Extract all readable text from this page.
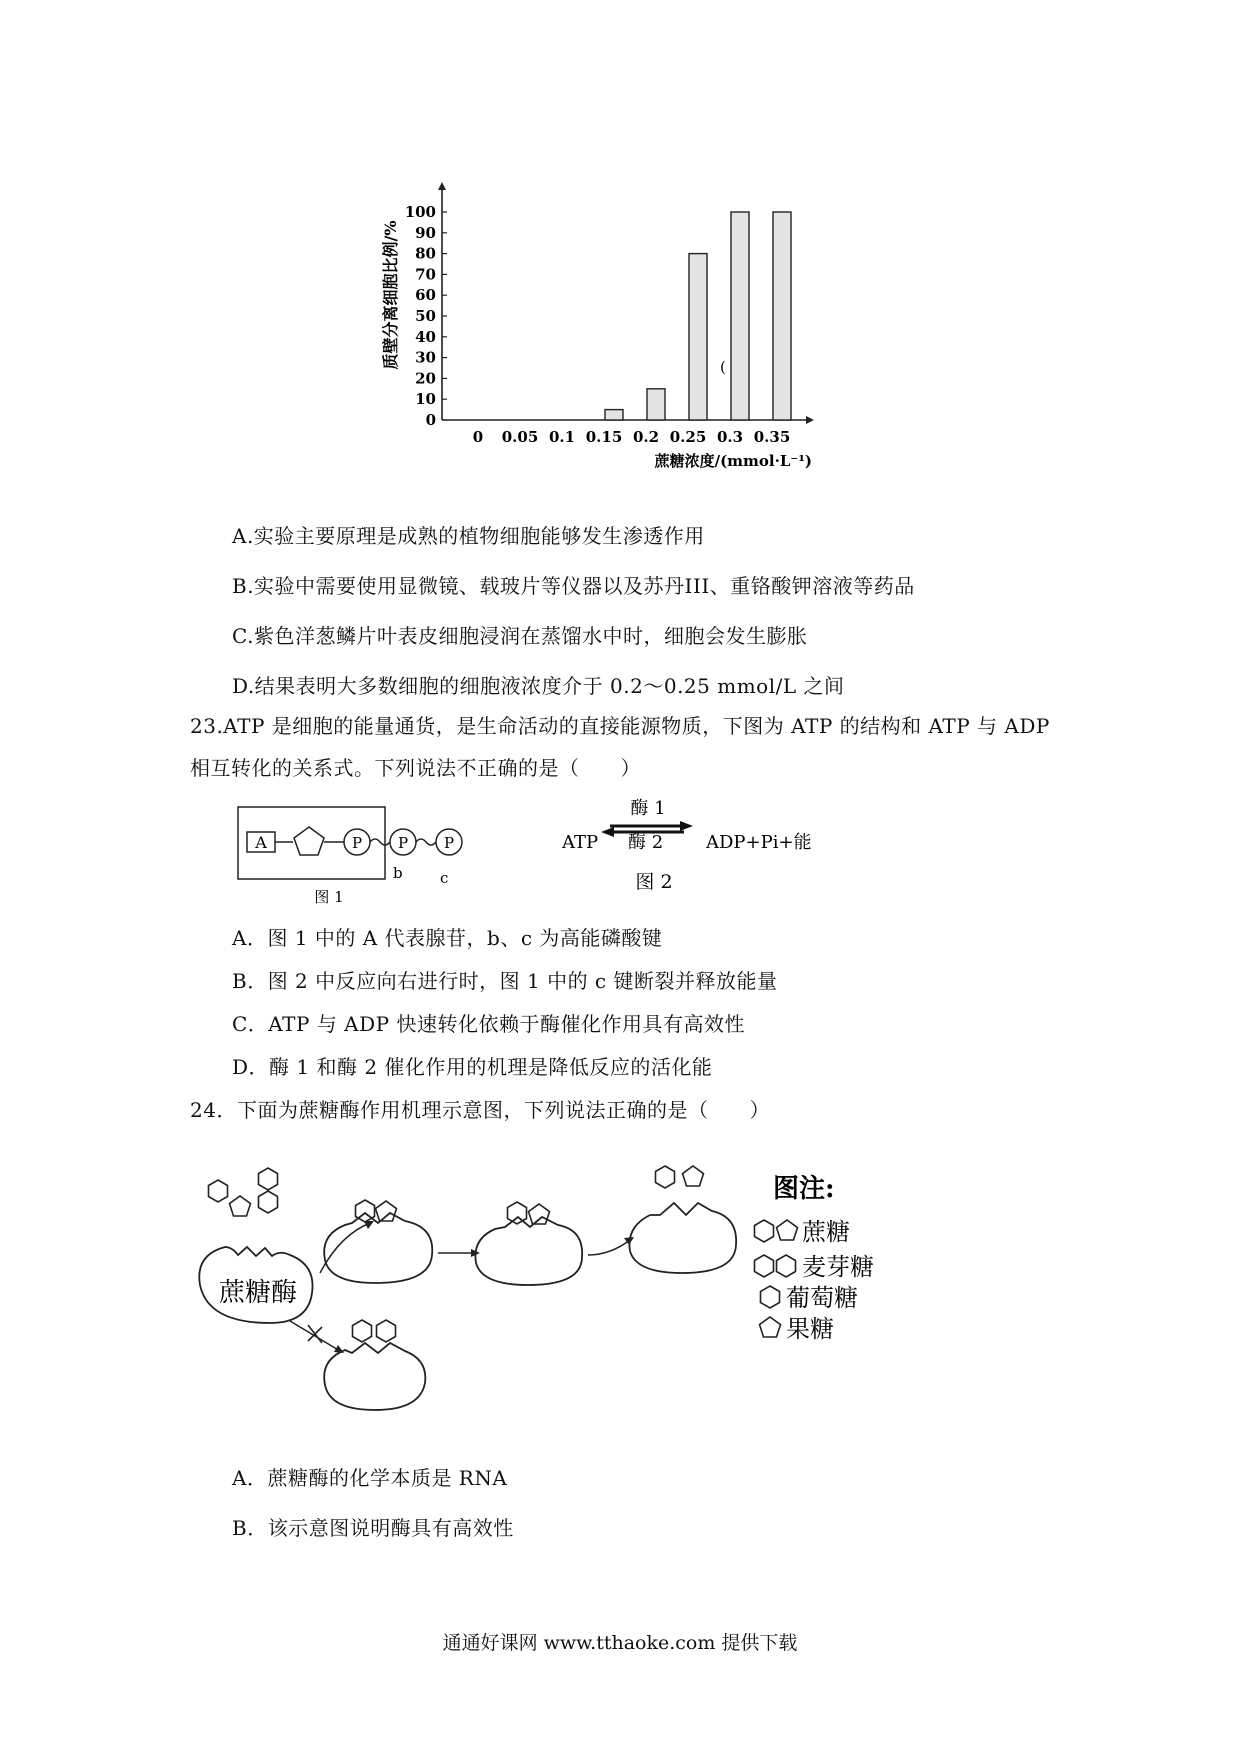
0
10
20
30
40
50
60
70
80
90
100
0 0.05 0.1 0.15 0.2 0.25 0.3 0.35
(
蔗糖浓度/(mmol·L⁻¹)
质壁分离细胞比例/%
A.实验主要原理是成熟的植物细胞能够发生渗透作用
B.实验中需要使用显微镜、载玻片等仪器以及苏丹III、重铬酸钾溶液等药品
C.紫色洋葱鳞片叶表皮细胞浸润在蒸馏水中时，细胞会发生膨胀
D.结果表明大多数细胞的细胞液浓度介于 0.2～0.25 mmol/L 之间
23.ATP 是细胞的能量通货，是生命活动的直接能源物质，下图为 ATP 的结构和 ATP 与 ADP
相互转化的关系式。下列说法不正确的是（　　）
A	P P P
b c
图 1
酶 1
ATP 酶 2 ADP+Pi+能
图 2
A．图 1 中的 A 代表腺苷，b、c 为高能磷酸键
B．图 2 中反应向右进行时，图 1 中的 c 键断裂并释放能量
C．ATP 与 ADP 快速转化依赖于酶催化作用具有高效性
D．酶 1 和酶 2 催化作用的机理是降低反应的活化能
24．下面为蔗糖酶作用机理示意图，下列说法正确的是（　　）
蔗糖酶
图注:
蔗糖
麦芽糖
葡萄糖
果糖
A．蔗糖酶的化学本质是 RNA
B．该示意图说明酶具有高效性
通通好课网 www.tthaoke.com 提供下载
